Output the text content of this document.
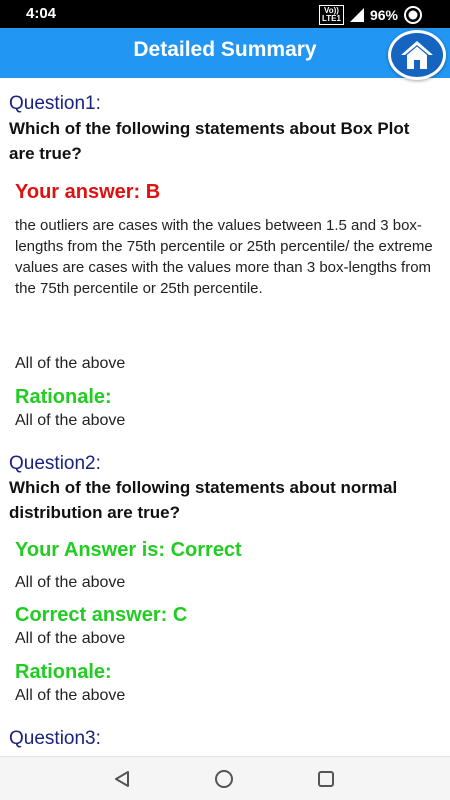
4:04	Vo))
LTE1 96%
Detailed Summary
Question1:
Which of the following statements about Box Plot are true?
Your answer: B
the outliers are cases with the values between 1.5 and 3 box-lengths from the 75th percentile or 25th percentile/ the extreme values are cases with the values more than 3 box-lengths from the 75th percentile or 25th percentile.
All of the above
Rationale:
All of the above
Question2:
Which of the following statements about normal distribution are true?
Your Answer is: Correct
All of the above
Correct answer: C
All of the above
Rationale:
All of the above
Question3:
